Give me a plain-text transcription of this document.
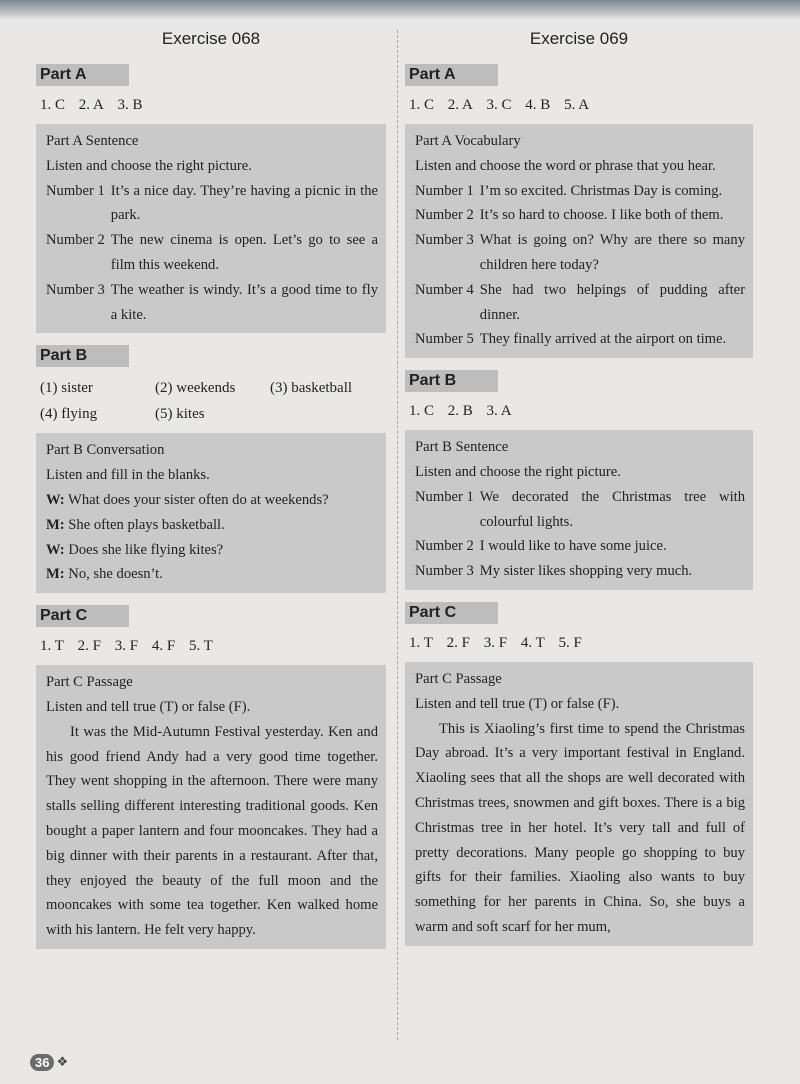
Exercise 068
Part A
1. C 2. A 3. B
Part A Sentence
Listen and choose the right picture.
Number 1 It’s a nice day. They’re having a picnic in the park.
Number 2 The new cinema is open. Let’s go to see a film this weekend.
Number 3 The weather is windy. It’s a good time to fly a kite.
Part B
(1) sister	(2) weekends	(3) basketball
(4) flying	(5) kites
Part B Conversation
Listen and fill in the blanks.
W: What does your sister often do at weekends?
M: She often plays basketball.
W: Does she like flying kites?
M: No, she doesn’t.
Part C
1. T 2. F 3. F 4. F 5. T
Part C Passage
Listen and tell true (T) or false (F).

It was the Mid-Autumn Festival yesterday. Ken and his good friend Andy had a very good time together. They went shopping in the afternoon. There were many stalls selling different interesting traditional goods. Ken bought a paper lantern and four mooncakes. They had a big dinner with their parents in a restaurant. After that, they enjoyed the beauty of the full moon and the mooncakes with some tea together. Ken walked home with his lantern. He felt very happy.

Exercise 069
Part A
1. C 2. A 3. C 4. B 5. A
Part A Vocabulary
Listen and choose the word or phrase that you hear.
Number 1 I’m so excited. Christmas Day is coming.
Number 2 It’s so hard to choose. I like both of them.
Number 3 What is going on? Why are there so many children here today?
Number 4 She had two helpings of pudding after dinner.
Number 5 They finally arrived at the airport on time.
Part B
1. C 2. B 3. A
Part B Sentence
Listen and choose the right picture.
Number 1 We decorated the Christmas tree with colourful lights.
Number 2 I would like to have some juice.
Number 3 My sister likes shopping very much.
Part C
1. T 2. F 3. F 4. T 5. F
Part C Passage
Listen and tell true (T) or false (F).

This is Xiaoling’s first time to spend the Christmas Day abroad. It’s a very important festival in England. Xiaoling sees that all the shops are well decorated with Christmas trees, snowmen and gift boxes. There is a big Christmas tree in her hotel. It’s very tall and full of pretty decorations. Many people go shopping to buy gifts for their families. Xiaoling also wants to buy something for her parents in China. So, she buys a warm and soft scarf for her mum,

36 ❖
